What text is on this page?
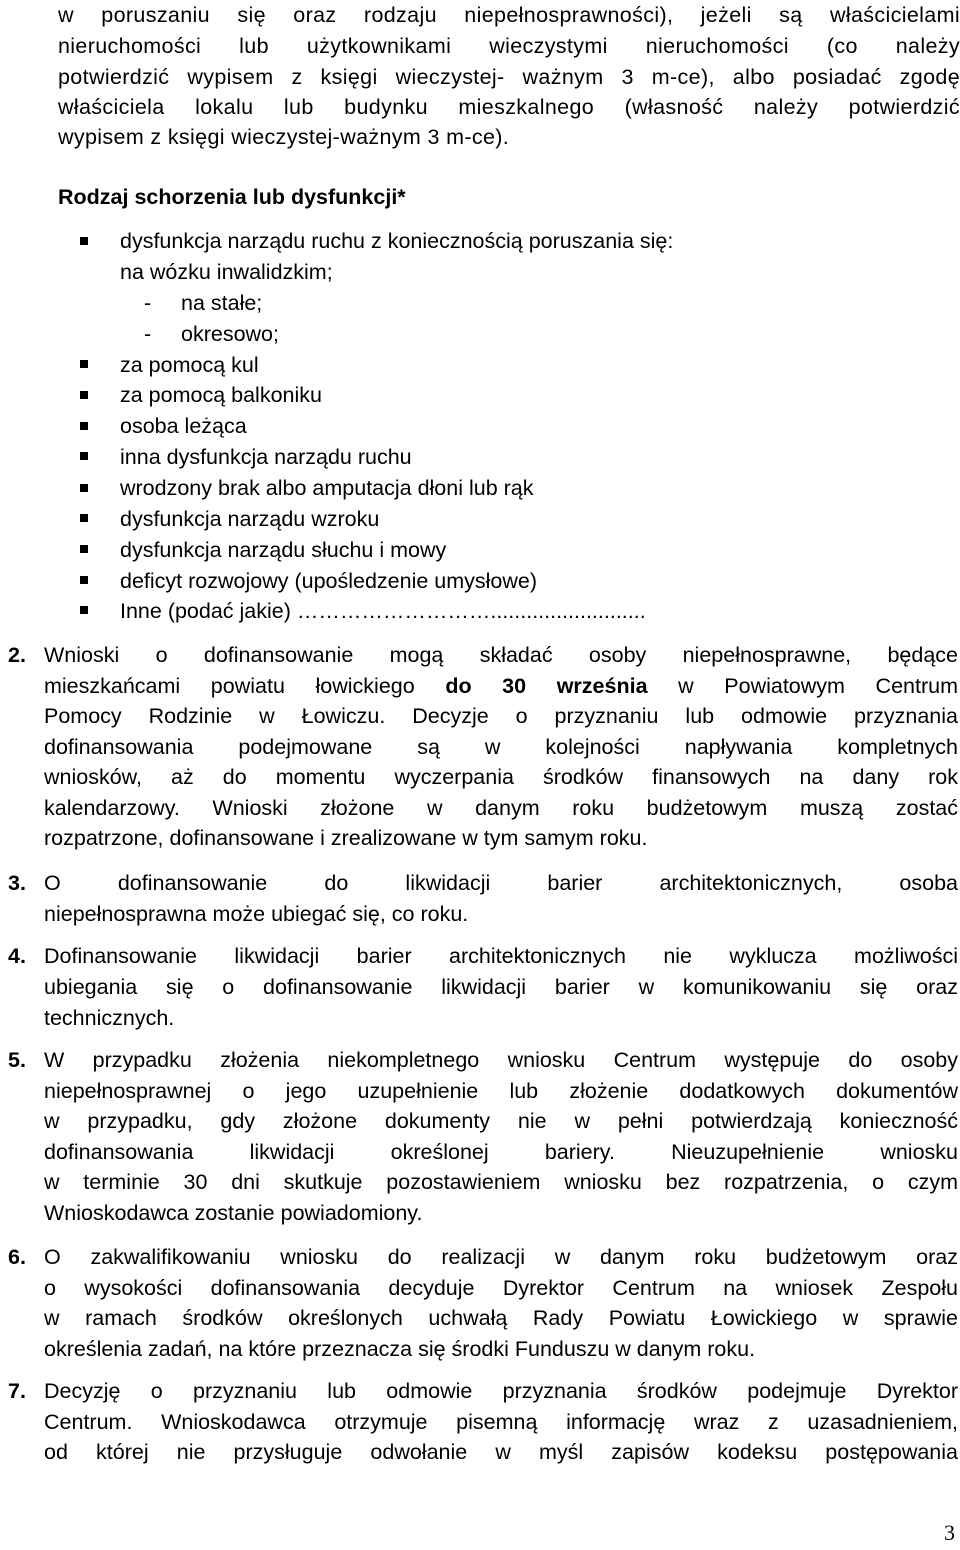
w poruszaniu się oraz rodzaju niepełnosprawności), jeżeli są właścicielami
nieruchomości lub użytkownikami wieczystymi nieruchomości (co należy
potwierdzić wypisem z księgi wieczystej- ważnym 3 m-ce), albo posiadać zgodę
właściciela lokalu lub budynku mieszkalnego (własność należy potwierdzić
wypisem z księgi wieczystej-ważnym 3 m-ce).
Rodzaj schorzenia lub dysfunkcji*
dysfunkcja narządu ruchu z koniecznością poruszania się:
na wózku inwalidzkim;
- na stałe;
- okresowo;
za pomocą kul
za pomocą balkoniku
osoba leżąca
inna dysfunkcja narządu ruchu
wrodzony brak albo amputacja dłoni lub rąk
dysfunkcja narządu wzroku
dysfunkcja narządu słuchu i mowy
deficyt rozwojowy (upośledzenie umysłowe)
Inne (podać jakie) ………………………..........................
2. Wnioski o dofinansowanie mogą składać osoby niepełnosprawne, będące
mieszkańcami powiatu łowickiego do 30 września w Powiatowym Centrum
Pomocy Rodzinie w Łowiczu. Decyzje o przyznaniu lub odmowie przyznania
dofinansowania podejmowane są w kolejności napływania kompletnych
wniosków, aż do momentu wyczerpania środków finansowych na dany rok
kalendarzowy. Wnioski złożone w danym roku budżetowym muszą zostać
rozpatrzone, dofinansowane i zrealizowane w tym samym roku.
3. O dofinansowanie do likwidacji barier architektonicznych, osoba
niepełnosprawna może ubiegać się, co roku.
4. Dofinansowanie likwidacji barier architektonicznych nie wyklucza możliwości
ubiegania się o dofinansowanie likwidacji barier w komunikowaniu się oraz
technicznych.
5. W przypadku złożenia niekompletnego wniosku Centrum występuje do osoby
niepełnosprawnej o jego uzupełnienie lub złożenie dodatkowych dokumentów
w przypadku, gdy złożone dokumenty nie w pełni potwierdzają konieczność
dofinansowania likwidacji określonej bariery. Nieuzupełnienie wniosku
w terminie 30 dni skutkuje pozostawieniem wniosku bez rozpatrzenia, o czym
Wnioskodawca zostanie powiadomiony.
6. O zakwalifikowaniu wniosku do realizacji w danym roku budżetowym oraz
o wysokości dofinansowania decyduje Dyrektor Centrum na wniosek Zespołu
w ramach środków określonych uchwałą Rady Powiatu Łowickiego w sprawie
określenia zadań, na które przeznacza się środki Funduszu w danym roku.
7. Decyzję o przyznaniu lub odmowie przyznania środków podejmuje Dyrektor
Centrum. Wnioskodawca otrzymuje pisemną informację wraz z uzasadnieniem,
od której nie przysługuje odwołanie w myśl zapisów kodeksu postępowania
3
